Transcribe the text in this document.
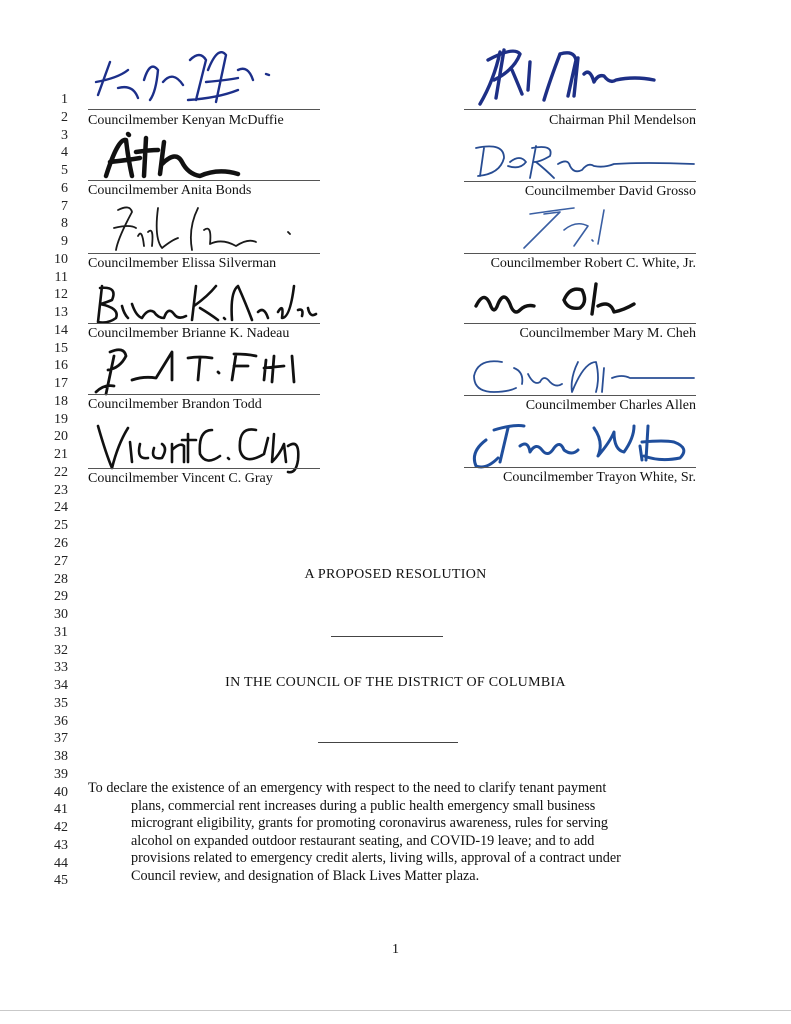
1
2
3
4
5
6
7
8
9
10
11
12
13
14
15
16
17
18
19
20
21
22
23
24
25
26
27
28
29
30
31
32
33
34
35
36
37
38
39
40
41
42
43
44
45
Councilmember Kenyan McDuffie
Councilmember Anita Bonds
Councilmember Elissa Silverman
Councilmember Brianne K. Nadeau
Councilmember Brandon Todd
Councilmember Vincent C. Gray
Chairman Phil Mendelson
Councilmember David Grosso
Councilmember Robert C. White, Jr.
Councilmember Mary M. Cheh
Councilmember Charles Allen
Councilmember Trayon White, Sr.
A PROPOSED RESOLUTION
IN THE COUNCIL OF THE DISTRICT OF COLUMBIA
To declare the existence of an emergency with respect to the need to clarify tenant payment
plans, commercial rent increases during a public health emergency small business
microgrant eligibility, grants for promoting coronavirus awareness, rules for serving
alcohol on expanded outdoor restaurant seating, and COVID-19 leave; and to add
provisions related to emergency credit alerts, living wills, approval of a contract under
Council review, and designation of Black Lives Matter plaza.
1
